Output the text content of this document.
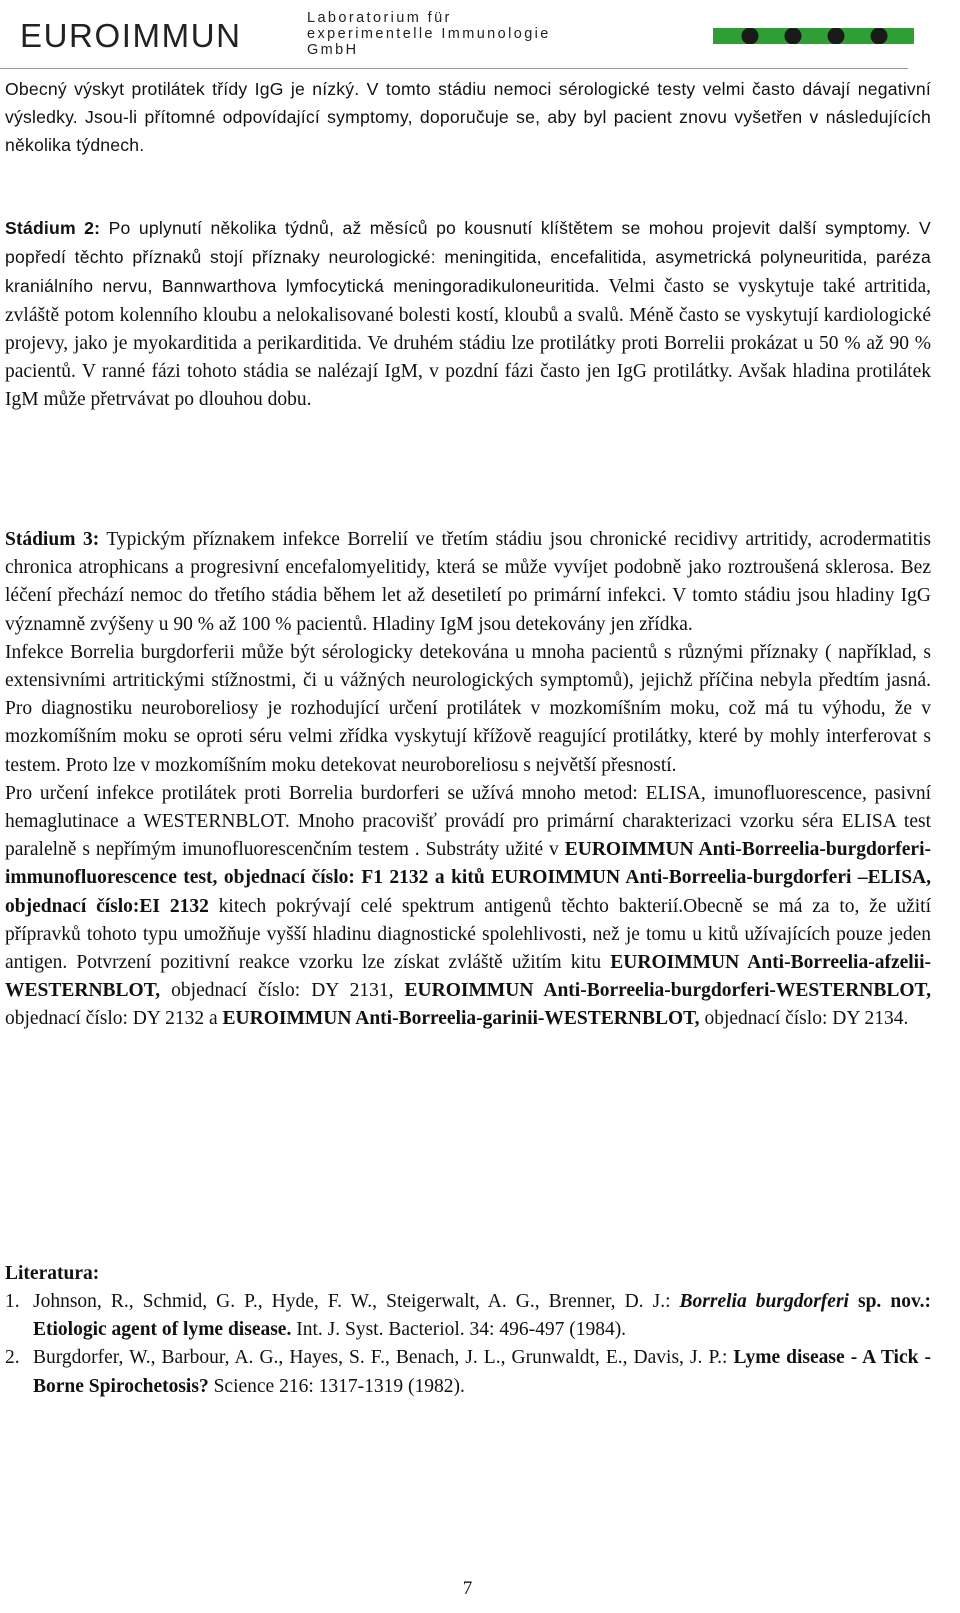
EUROIMMUN	Laboratorium für
experimentelle Immunologie
GmbH

Obecný výskyt protilátek třídy IgG je nízký. V tomto stádiu nemoci sérologické testy velmi často dávají negativní výsledky. Jsou-li přítomné odpovídající symptomy, doporučuje se, aby byl pacient znovu vyšetřen v následujících několika týdnech.

Stádium 2: Po uplynutí několika týdnů, až měsíců po kousnutí klíštětem se mohou projevit další symptomy. V popředí těchto příznaků stojí příznaky neurologické: meningitida, encefalitida, asymetrická polyneuritida, paréza kraniálního nervu, Bannwarthova lymfocytická meningoradikuloneuritida. Velmi často se vyskytuje také artritida, zvláště potom kolenního kloubu a nelokalisované bolesti kostí, kloubů a svalů. Méně často se vyskytují kardiologické projevy, jako je myokarditida a perikarditida. Ve druhém stádiu lze protilátky proti Borrelii prokázat u 50 % až 90 % pacientů. V ranné fázi tohoto stádia se nalézají IgM, v pozdní fázi často jen IgG protilátky. Avšak hladina protilátek IgM může přetrvávat po dlouhou dobu.

Stádium 3: Typickým příznakem infekce Borrelií ve třetím stádiu jsou chronické recidivy artritidy, acrodermatitis chronica atrophicans a progresivní encefalomyelitidy, která se může vyvíjet podobně jako roztroušená sklerosa. Bez léčení přechází nemoc do třetího stádia během let až desetiletí po primární infekci. V tomto stádiu jsou hladiny IgG významně zvýšeny u 90 % až 100 % pacientů. Hladiny IgM jsou detekovány jen zřídka.

Infekce Borrelia burgdorferii může být sérologicky detekována u mnoha pacientů s různými příznaky ( například, s extensivními artritickými stížnostmi, či u vážných neurologických symptomů), jejichž příčina nebyla předtím jasná. Pro diagnostiku neuroboreliosy je rozhodující určení protilátek v mozkomíšním moku, což má tu výhodu, že v mozkomíšním moku se oproti séru velmi zřídka vyskytují křížově reagující protilátky, které by mohly interferovat s testem. Proto lze v mozkomíšním moku detekovat neuroboreliosu s největší přesností.

Pro určení infekce protilátek proti Borrelia burdorferi se užívá mnoho metod: ELISA, imunofluorescence, pasivní hemaglutinace a WESTERNBLOT. Mnoho pracovišť provádí pro primární charakterizaci vzorku séra ELISA test paralelně s nepřímým imunofluorescenčním testem . Substráty užité v EUROIMMUN Anti-Borreelia-burgdorferi-immunofluorescence test, objednací číslo: F1 2132 a kitů EUROIMMUN Anti-Borreelia-burgdorferi –ELISA, objednací číslo:EI 2132 kitech pokrývají celé spektrum antigenů těchto bakterií.Obecně se má za to, že užití přípravků tohoto typu umožňuje vyšší hladinu diagnostické spolehlivosti, než je tomu u kitů užívajících pouze jeden antigen. Potvrzení pozitivní reakce vzorku lze získat zvláště užitím kitu EUROIMMUN Anti-Borreelia-afzelii-WESTERNBLOT, objednací číslo: DY 2131, EUROIMMUN Anti-Borreelia-burgdorferi-WESTERNBLOT, objednací číslo: DY 2132 a EUROIMMUN Anti-Borreelia-garinii-WESTERNBLOT, objednací číslo: DY 2134.

Literatura:
1. Johnson, R., Schmid, G. P., Hyde, F. W., Steigerwalt, A. G., Brenner, D. J.: Borrelia burgdorferi sp. nov.: Etiologic agent of lyme disease. Int. J. Syst. Bacteriol. 34: 496-497 (1984).
2. Burgdorfer, W., Barbour, A. G., Hayes, S. F., Benach, J. L., Grunwaldt, E., Davis, J. P.: Lyme disease - A Tick - Borne Spirochetosis? Science 216: 1317-1319 (1982).
7
